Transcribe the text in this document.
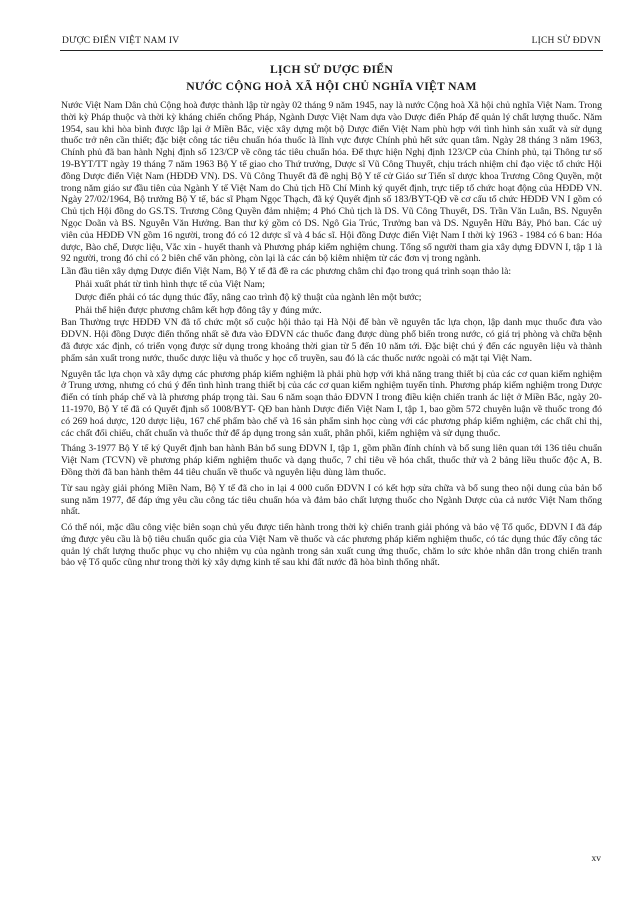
DƯỢC ĐIỂN VIỆT NAM IV	LỊCH SỬ ĐDVN
LỊCH SỬ DƯỢC ĐIỂN
NƯỚC CỘNG HOÀ XÃ HỘI CHỦ NGHĨA VIỆT NAM

Nước Việt Nam Dân chủ Cộng hoà được thành lập từ ngày 02 tháng 9 năm 1945, nay là nước Cộng hoà Xã hội chủ nghĩa Việt Nam. Trong thời kỳ Pháp thuộc và thời kỳ kháng chiến chống Pháp, Ngành Dược Việt Nam dựa vào Dược điển Pháp để quản lý chất lượng thuốc. Năm 1954, sau khi hòa bình được lập lại ở Miền Bắc, việc xây dựng một bộ Dược điển Việt Nam phù hợp với tình hình sản xuất và sử dụng thuốc trở nên cần thiết; đặc biệt công tác tiêu chuẩn hóa thuốc là lĩnh vực được Chính phủ hết sức quan tâm. Ngày 28 tháng 3 năm 1963, Chính phủ đã ban hành Nghị định số 123/CP về công tác tiêu chuẩn hóa. Để thực hiện Nghị định 123/CP của Chính phủ, tại Thông tư số 19-BYT/TT ngày 19 tháng 7 năm 1963 Bộ Y tế giao cho Thứ trưởng, Dược sĩ Vũ Công Thuyết, chịu trách nhiệm chỉ đạo việc tổ chức Hội đồng Dược điển Việt Nam (HĐDĐ VN). DS. Vũ Công Thuyết đã đề nghị Bộ Y tế cử Giáo sư Tiến sĩ dược khoa Trương Công Quyền, một trong năm giáo sư đầu tiên của Ngành Y tế Việt Nam do Chủ tịch Hồ Chí Minh ký quyết định, trực tiếp tổ chức hoạt động của HĐDĐ VN. Ngày 27/02/1964, Bộ trưởng Bộ Y tế, bác sĩ Phạm Ngọc Thạch, đã ký Quyết định số 183/BYT-QĐ về cơ cấu tổ chức HĐDĐ VN I gồm có Chủ tịch Hội đồng do GS.TS. Trương Công Quyền đảm nhiệm; 4 Phó Chủ tịch là DS. Vũ Công Thuyết, DS. Trần Văn Luân, BS. Nguyễn Ngọc Doãn và BS. Nguyễn Văn Hưởng. Ban thư ký gồm có DS. Ngô Gia Trúc, Trưởng ban và DS. Nguyễn Hữu Bảy, Phó ban. Các uỷ viên của HĐDĐ VN gồm 16 người, trong đó có 12 dược sĩ và 4 bác sĩ. Hội đồng Dược điển Việt Nam I thời kỳ 1963 - 1984 có 6 ban: Hóa dược, Bào chế, Dược liệu, Vắc xin - huyết thanh và Phương pháp kiểm nghiệm chung. Tổng số người tham gia xây dựng ĐDVN I, tập 1 là 92 người, trong đó chỉ có 2 biên chế văn phòng, còn lại là các cán bộ kiêm nhiệm từ các đơn vị trong ngành.

Lần đầu tiên xây dựng Dược điển Việt Nam, Bộ Y tế đã đề ra các phương châm chỉ đạo trong quá trình soạn thảo là:

Phải xuất phát từ tình hình thực tế của Việt Nam;

Dược điển phải có tác dụng thúc đẩy, nâng cao trình độ kỹ thuật của ngành lên một bước;

Phải thể hiện được phương châm kết hợp đông tây y đúng mức.

Ban Thường trực HĐDĐ VN đã tổ chức một số cuộc hội thảo tại Hà Nội để bàn về nguyên tắc lựa chọn, lập danh mục thuốc đưa vào ĐDVN. Hội đồng Dược điển thống nhất sẽ đưa vào ĐDVN các thuốc đang được dùng phổ biến trong nước, có giá trị phòng và chữa bệnh đã được xác định, có triển vọng được sử dụng trong khoảng thời gian từ 5 đến 10 năm tới. Đặc biệt chú ý đến các nguyên liệu và thành phẩm sản xuất trong nước, thuốc dược liệu và thuốc y học cổ truyền, sau đó là các thuốc nước ngoài có mặt tại Việt Nam.

Nguyên tắc lựa chọn và xây dựng các phương pháp kiểm nghiệm là phải phù hợp với khả năng trang thiết bị của các cơ quan kiểm nghiệm ở Trung ương, nhưng có chú ý đến tình hình trang thiết bị của các cơ quan kiểm nghiệm tuyến tỉnh. Phương pháp kiểm nghiệm trong Dược điển có tính pháp chế và là phương pháp trọng tài. Sau 6 năm soạn thảo ĐDVN I trong điều kiện chiến tranh ác liệt ở Miền Bắc, ngày 20-11-1970, Bộ Y tế đã có Quyết định số 1008/BYT- QĐ ban hành Dược điển Việt Nam I, tập 1, bao gồm 572 chuyên luận về thuốc trong đó có 269 hoá dược, 120 dược liệu, 167 chế phẩm bào chế và 16 sản phẩm sinh học cùng với các phương pháp kiểm nghiệm, các chất chỉ thị, các chất đối chiếu, chất chuẩn và thuốc thử để áp dụng trong sản xuất, phân phối, kiểm nghiệm và sử dụng thuốc.

Tháng 3-1977 Bộ Y tế ký Quyết định ban hành Bản bổ sung ĐDVN I, tập 1, gồm phần đính chính và bổ sung liên quan tới 136 tiêu chuẩn Việt Nam (TCVN) về phương pháp kiểm nghiệm thuốc và dạng thuốc, 7 chỉ tiêu về hóa chất, thuốc thử và 2 bảng liều thuốc độc A, B. Đồng thời đã ban hành thêm 44 tiêu chuẩn về thuốc và nguyên liệu dùng làm thuốc.

Từ sau ngày giải phóng Miền Nam, Bộ Y tế đã cho in lại 4 000 cuốn ĐDVN I có kết hợp sửa chữa và bổ sung theo nội dung của bản bổ sung năm 1977, để đáp ứng yêu cầu công tác tiêu chuẩn hóa và đảm bảo chất lượng thuốc cho Ngành Dược của cả nước Việt Nam thống nhất.

Có thể nói, mặc dầu công việc biên soạn chủ yếu được tiến hành trong thời kỳ chiến tranh giải phóng và bảo vệ Tổ quốc, ĐDVN I đã đáp ứng được yêu cầu là bộ tiêu chuẩn quốc gia của Việt Nam về thuốc và các phương pháp kiểm nghiệm thuốc, có tác dụng thúc đẩy công tác quản lý chất lượng thuốc phục vụ cho nhiệm vụ của ngành trong sản xuất cung ứng thuốc, chăm lo sức khỏe nhân dân trong chiến tranh bảo vệ Tổ quốc cũng như trong thời kỳ xây dựng kinh tế sau khi đất nước đã hòa bình thống nhất.

xv
